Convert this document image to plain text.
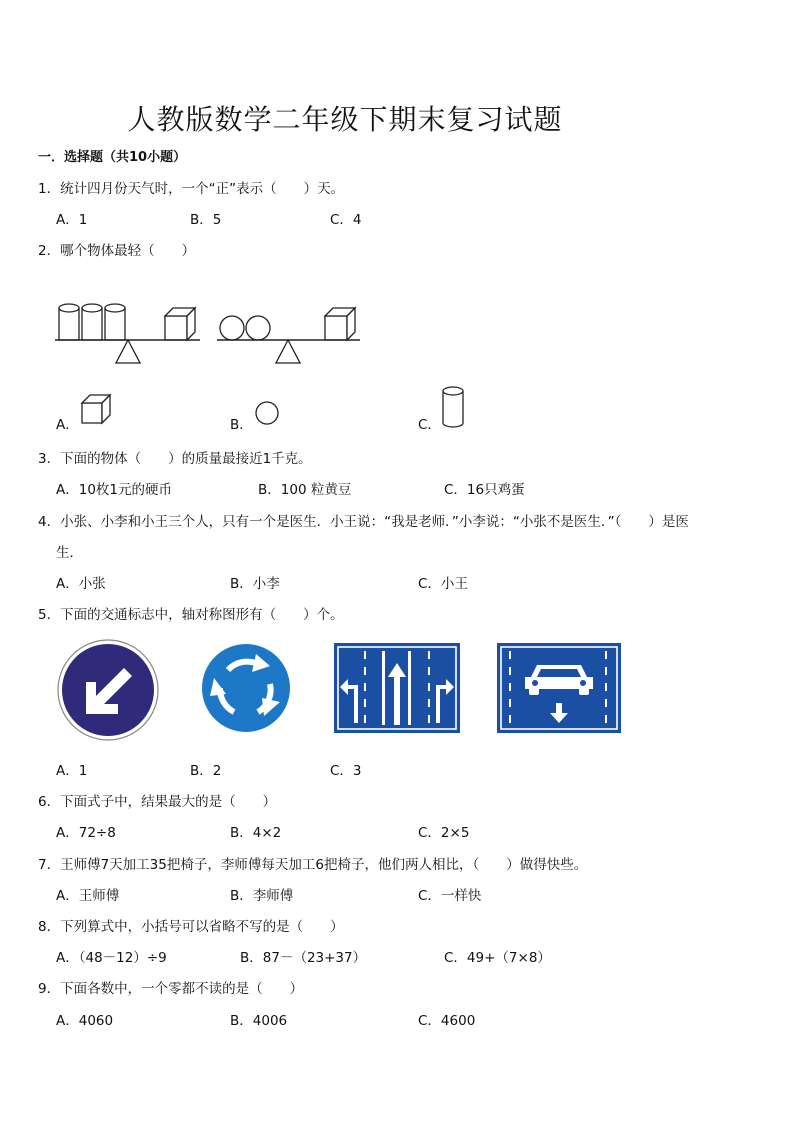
人教版数学二年级下期末复习试题
一．选择题（共10小题）
1．统计四月份天气时，一个“正”表示（　　）天。
A．1	B．5	C．4
2．哪个物体最轻（　　）
A．	B．	C．
3．下面的物体（　　）的质量最接近1千克。
A．10枚1元的硬币	B．100 粒黄豆	C．16只鸡蛋
4．小张、小李和小王三个人，只有一个是医生．小王说：“我是老师．”小李说：“小张不是医生．”（　　）是医
生．
A．小张	B．小李	C．小王
5．下面的交通标志中，轴对称图形有（　　）个。
A．1	B．2	C．3
6．下面式子中，结果最大的是（　　）
A．72÷8	B．4×2	C．2×5
7．王师傅7天加工35把椅子，李师傅每天加工6把椅子，他们两人相比，（　　）做得快些。
A．王师傅	B．李师傅	C．一样快
8．下列算式中，小括号可以省略不写的是（　　）
A．（48－12）÷9	B．87－（23+37）	C．49+（7×8）
9．下面各数中，一个零都不读的是（　　）
A．4060	B．4006	C．4600
